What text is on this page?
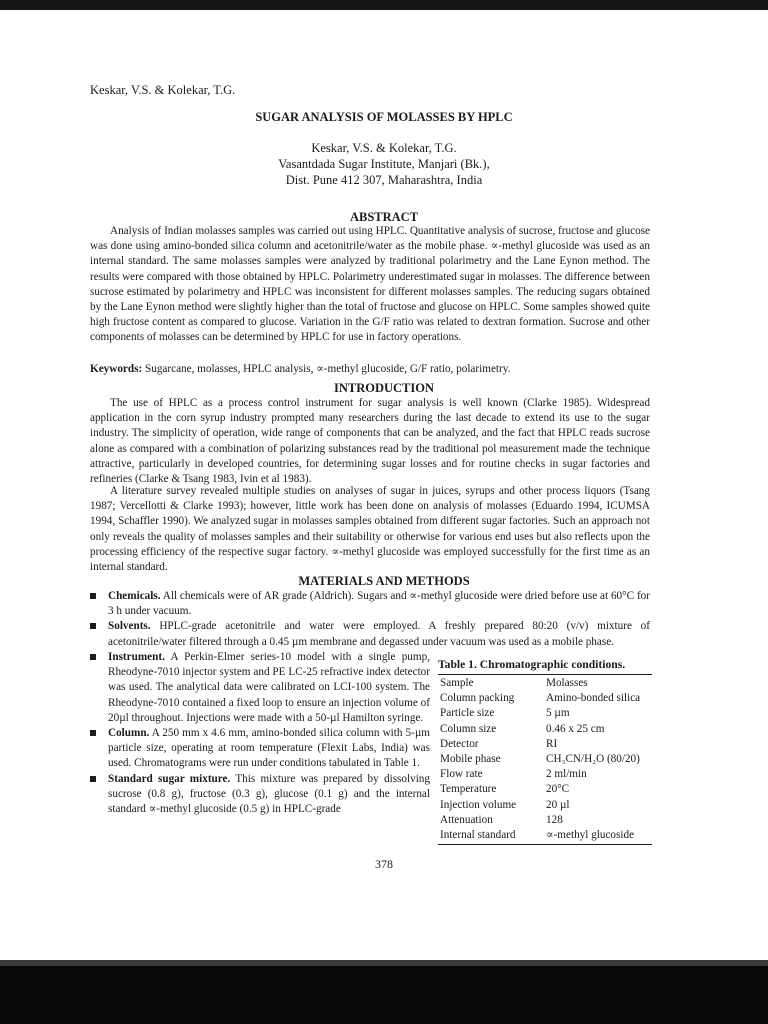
Keskar, V.S. & Kolekar, T.G.
SUGAR ANALYSIS OF MOLASSES BY HPLC
Keskar, V.S. & Kolekar, T.G.
Vasantdada Sugar Institute, Manjari (Bk.),
Dist. Pune 412 307, Maharashtra, India
ABSTRACT
Analysis of Indian molasses samples was carried out using HPLC. Quantitative analysis of sucrose, fructose and glucose was done using amino-bonded silica column and acetonitrile/water as the mobile phase. ∝-methyl glucoside was used as an internal standard. The same molasses samples were analyzed by traditional polarimetry and the Lane Eynon method. The results were compared with those obtained by HPLC. Polarimetry underestimated sugar in molasses. The difference between sucrose estimated by polarimetry and HPLC was inconsistent for different molasses samples. The reducing sugars obtained by the Lane Eynon method were slightly higher than the total of fructose and glucose on HPLC. Some samples showed quite high fructose content as compared to glucose. Variation in the G/F ratio was related to dextran formation. Sucrose and other components of molasses can be determined by HPLC for use in factory operations.
Keywords: Sugarcane, molasses, HPLC analysis, ∝-methyl glucoside, G/F ratio, polarimetry.
INTRODUCTION
The use of HPLC as a process control instrument for sugar analysis is well known (Clarke 1985). Widespread application in the corn syrup industry prompted many researchers during the last decade to extend its use to the sugar industry. The simplicity of operation, wide range of components that can be analyzed, and the fact that HPLC reads sucrose alone as compared with a combination of polarizing substances read by the traditional pol measurement made the technique attractive, particularly in developed countries, for determining sugar losses and for routine checks in sugar factories and refineries (Clarke & Tsang 1983, Ivin et al 1983).
A literature survey revealed multiple studies on analyses of sugar in juices, syrups and other process liquors (Tsang 1987; Vercellotti & Clarke 1993); however, little work has been done on analysis of molasses (Eduardo 1994, ICUMSA 1994, Schaffler 1990). We analyzed sugar in molasses samples obtained from different sugar factories. Such an approach not only reveals the quality of molasses samples and their suitability or otherwise for various end uses but also reflects upon the processing efficiency of the respective sugar factory. ∝-methyl glucoside was employed successfully for the first time as an internal standard.
MATERIALS AND METHODS
Chemicals. All chemicals were of AR grade (Aldrich). Sugars and ∝-methyl glucoside were dried before use at 60°C for 3 h under vacuum.
Solvents. HPLC-grade acetonitrile and water were employed. A freshly prepared 80:20 (v/v) mixture of acetonitrile/water filtered through a 0.45 µm membrane and degassed under vacuum was used as a mobile phase.
Instrument. A Perkin-Elmer series-10 model with a single pump, Rheodyne-7010 injector system and PE LC-25 refractive index detector was used. The analytical data were calibrated on LCI-100 system. The Rheodyne-7010 contained a fixed loop to ensure an injection volume of 20µl throughout. Injections were made with a 50-µl Hamilton syringe.
Column. A 250 mm x 4.6 mm, amino-bonded silica column with 5-µm particle size, operating at room temperature (Flexit Labs, India) was used. Chromatograms were run under conditions tabulated in Table 1.
Standard sugar mixture. This mixture was prepared by dissolving sucrose (0.8 g), fructose (0.3 g), glucose (0.1 g) and the internal standard ∝-methyl glucoside (0.5 g) in HPLC-grade
Table 1. Chromatographic conditions.
Sample	Molasses
Column packing	Amino-bonded silica
Particle size	5 µm
Column size	0.46 x 25 cm
Detector	RI
Mobile phase	CH₃CN/H₂O (80/20)
Flow rate	2 ml/min
Temperature	20°C
Injection volume	20 µl
Attenuation	128
Internal standard	∝-methyl glucoside
378
